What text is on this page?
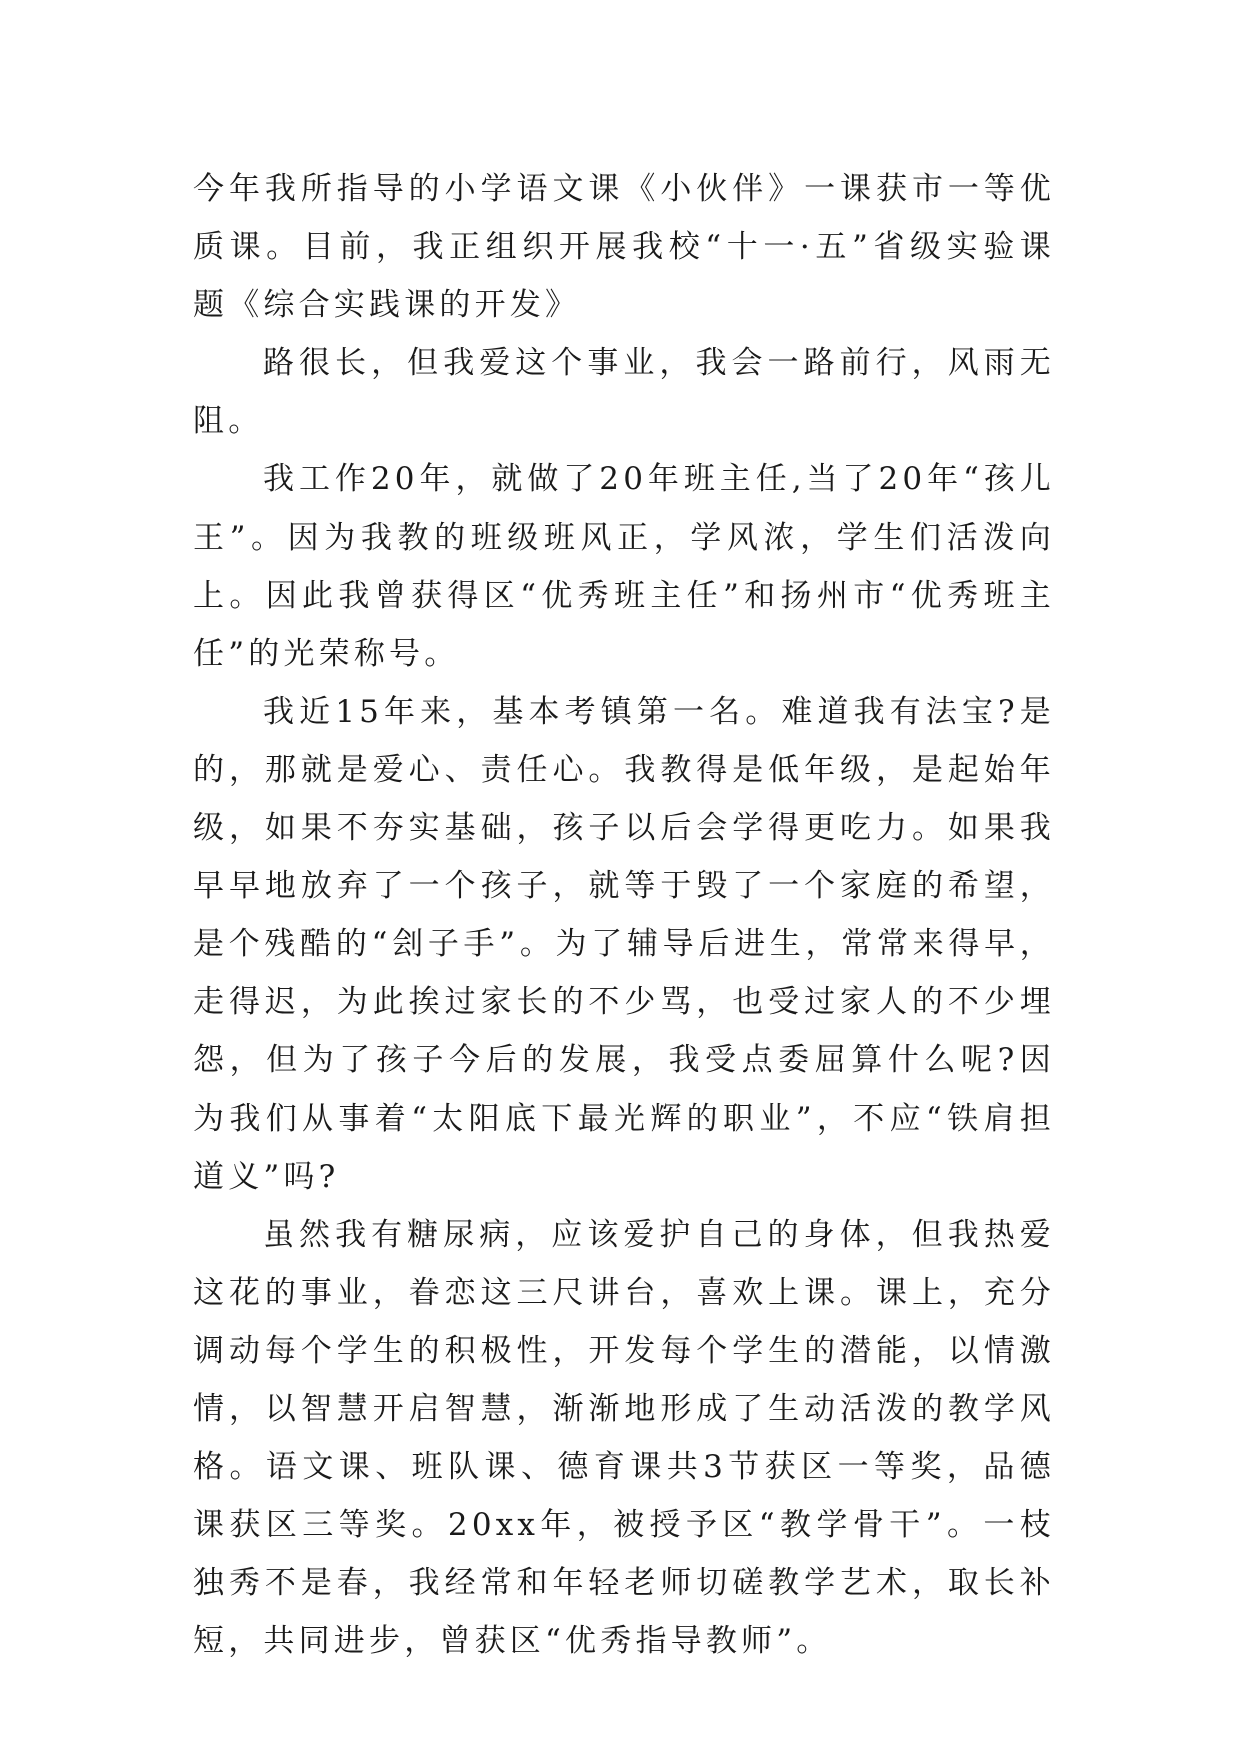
今年我所指导的小学语文课《小伙伴》一课获市一等优质课。目前，我正组织开展我校“十一·五”省级实验课题《综合实践课的开发》

路很长，但我爱这个事业，我会一路前行，风雨无阻。

我工作20年，就做了20年班主任,当了20年“孩儿王”。因为我教的班级班风正，学风浓，学生们活泼向上。因此我曾获得区“优秀班主任”和扬州市“优秀班主任”的光荣称号。

我近15年来，基本考镇第一名。难道我有法宝?是的，那就是爱心、责任心。我教得是低年级，是起始年级，如果不夯实基础，孩子以后会学得更吃力。如果我早早地放弃了一个孩子，就等于毁了一个家庭的希望，是个残酷的“刽子手”。为了辅导后进生，常常来得早，走得迟，为此挨过家长的不少骂，也受过家人的不少埋怨，但为了孩子今后的发展，我受点委屈算什么呢?因为我们从事着“太阳底下最光辉的职业”，不应“铁肩担道义”吗?

虽然我有糖尿病，应该爱护自己的身体，但我热爱这花的事业，眷恋这三尺讲台，喜欢上课。课上，充分调动每个学生的积极性，开发每个学生的潜能，以情激情，以智慧开启智慧，渐渐地形成了生动活泼的教学风格。语文课、班队课、德育课共3节获区一等奖，品德课获区三等奖。20xx年，被授予区“教学骨干”。一枝独秀不是春，我经常和年轻老师切磋教学艺术，取长补短，共同进步，曾获区“优秀指导教师”。
